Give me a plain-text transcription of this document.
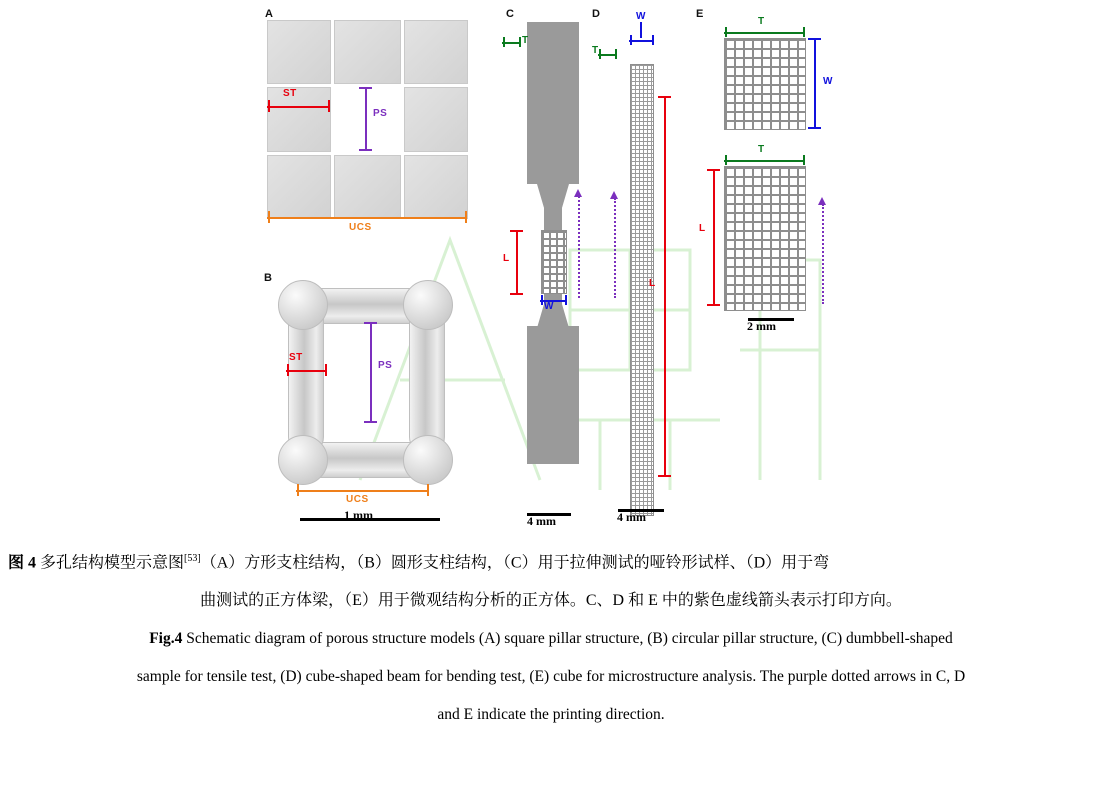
A
ST
PS
UCS
B
ST
PS
UCS
1 mm
C
T
L
W
4 mm
D	W
T
L
4 mm
E
T
W
T
L
2 mm
图 4 多孔结构模型示意图[53]（A）方形支柱结构，（B）圆形支柱结构，（C）用于拉伸测试的哑铃形试样、（D）用于弯
曲测试的正方体梁，（E）用于微观结构分析的正方体。C、D 和 E 中的紫色虚线箭头表示打印方向。
Fig.4 Schematic diagram of porous structure models (A) square pillar structure, (B) circular pillar structure, (C) dumbbell-shaped
sample for tensile test, (D) cube-shaped beam for bending test, (E) cube for microstructure analysis. The purple dotted arrows in C, D
and E indicate the printing direction.
